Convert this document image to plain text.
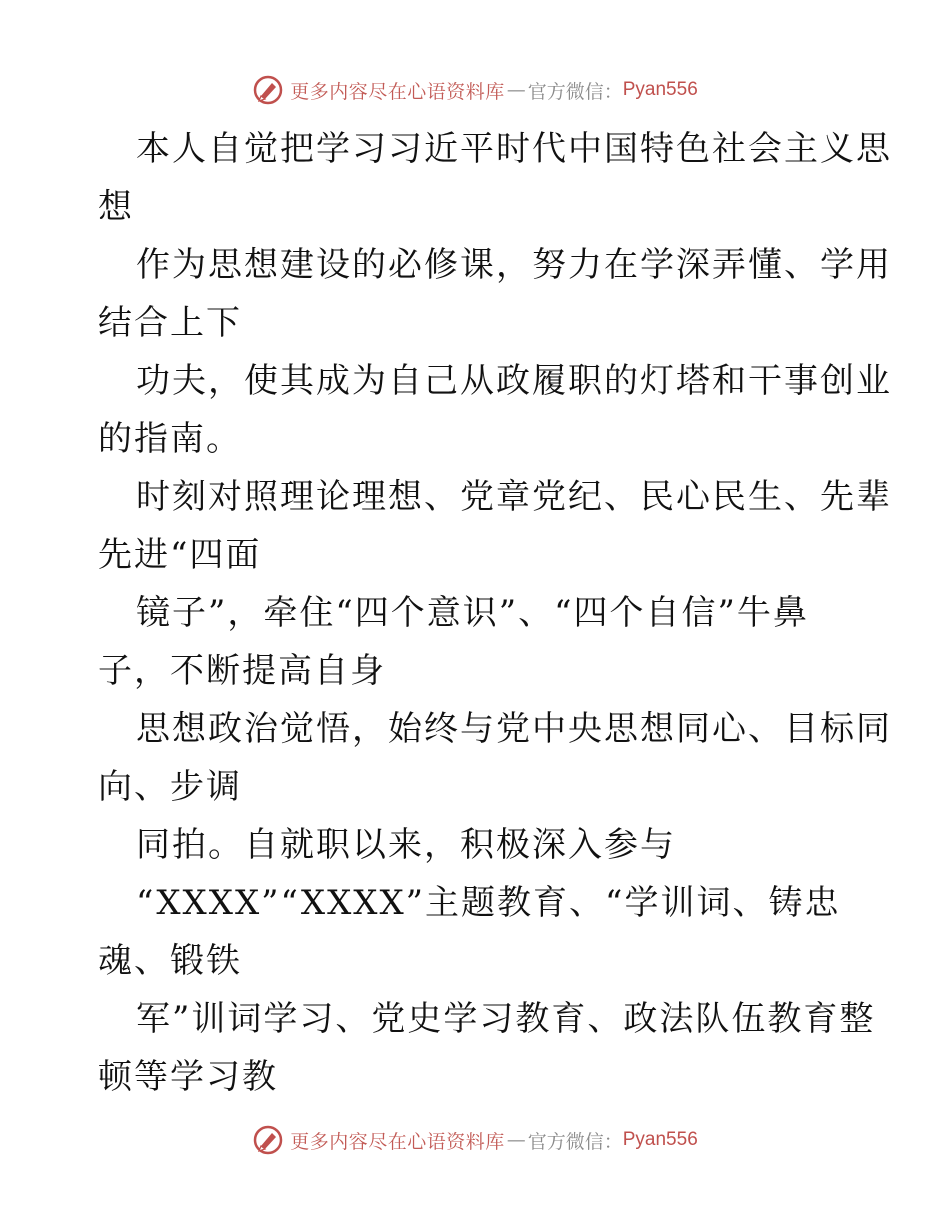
更多内容尽在心语资料库 — 官方微信： Pyan556
本人自觉把学习习近平时代中国特色社会主义思
想
作为思想建设的必修课，努力在学深弄懂、学用
结合上下
功夫，使其成为自己从政履职的灯塔和干事创业
的指南。
时刻对照理论理想、党章党纪、民心民生、先辈
先进“四面
镜子”，牵住“四个意识”、“四个自信”牛鼻
子，不断提高自身
思想政治觉悟，始终与党中央思想同心、目标同
向、步调
同拍。自就职以来，积极深入参与
“XXXX”“XXXX”主题教育、“学训词、铸忠
魂、锻铁
军”训词学习、党史学习教育、政法队伍教育整
顿等学习教
更多内容尽在心语资料库 — 官方微信： Pyan556
